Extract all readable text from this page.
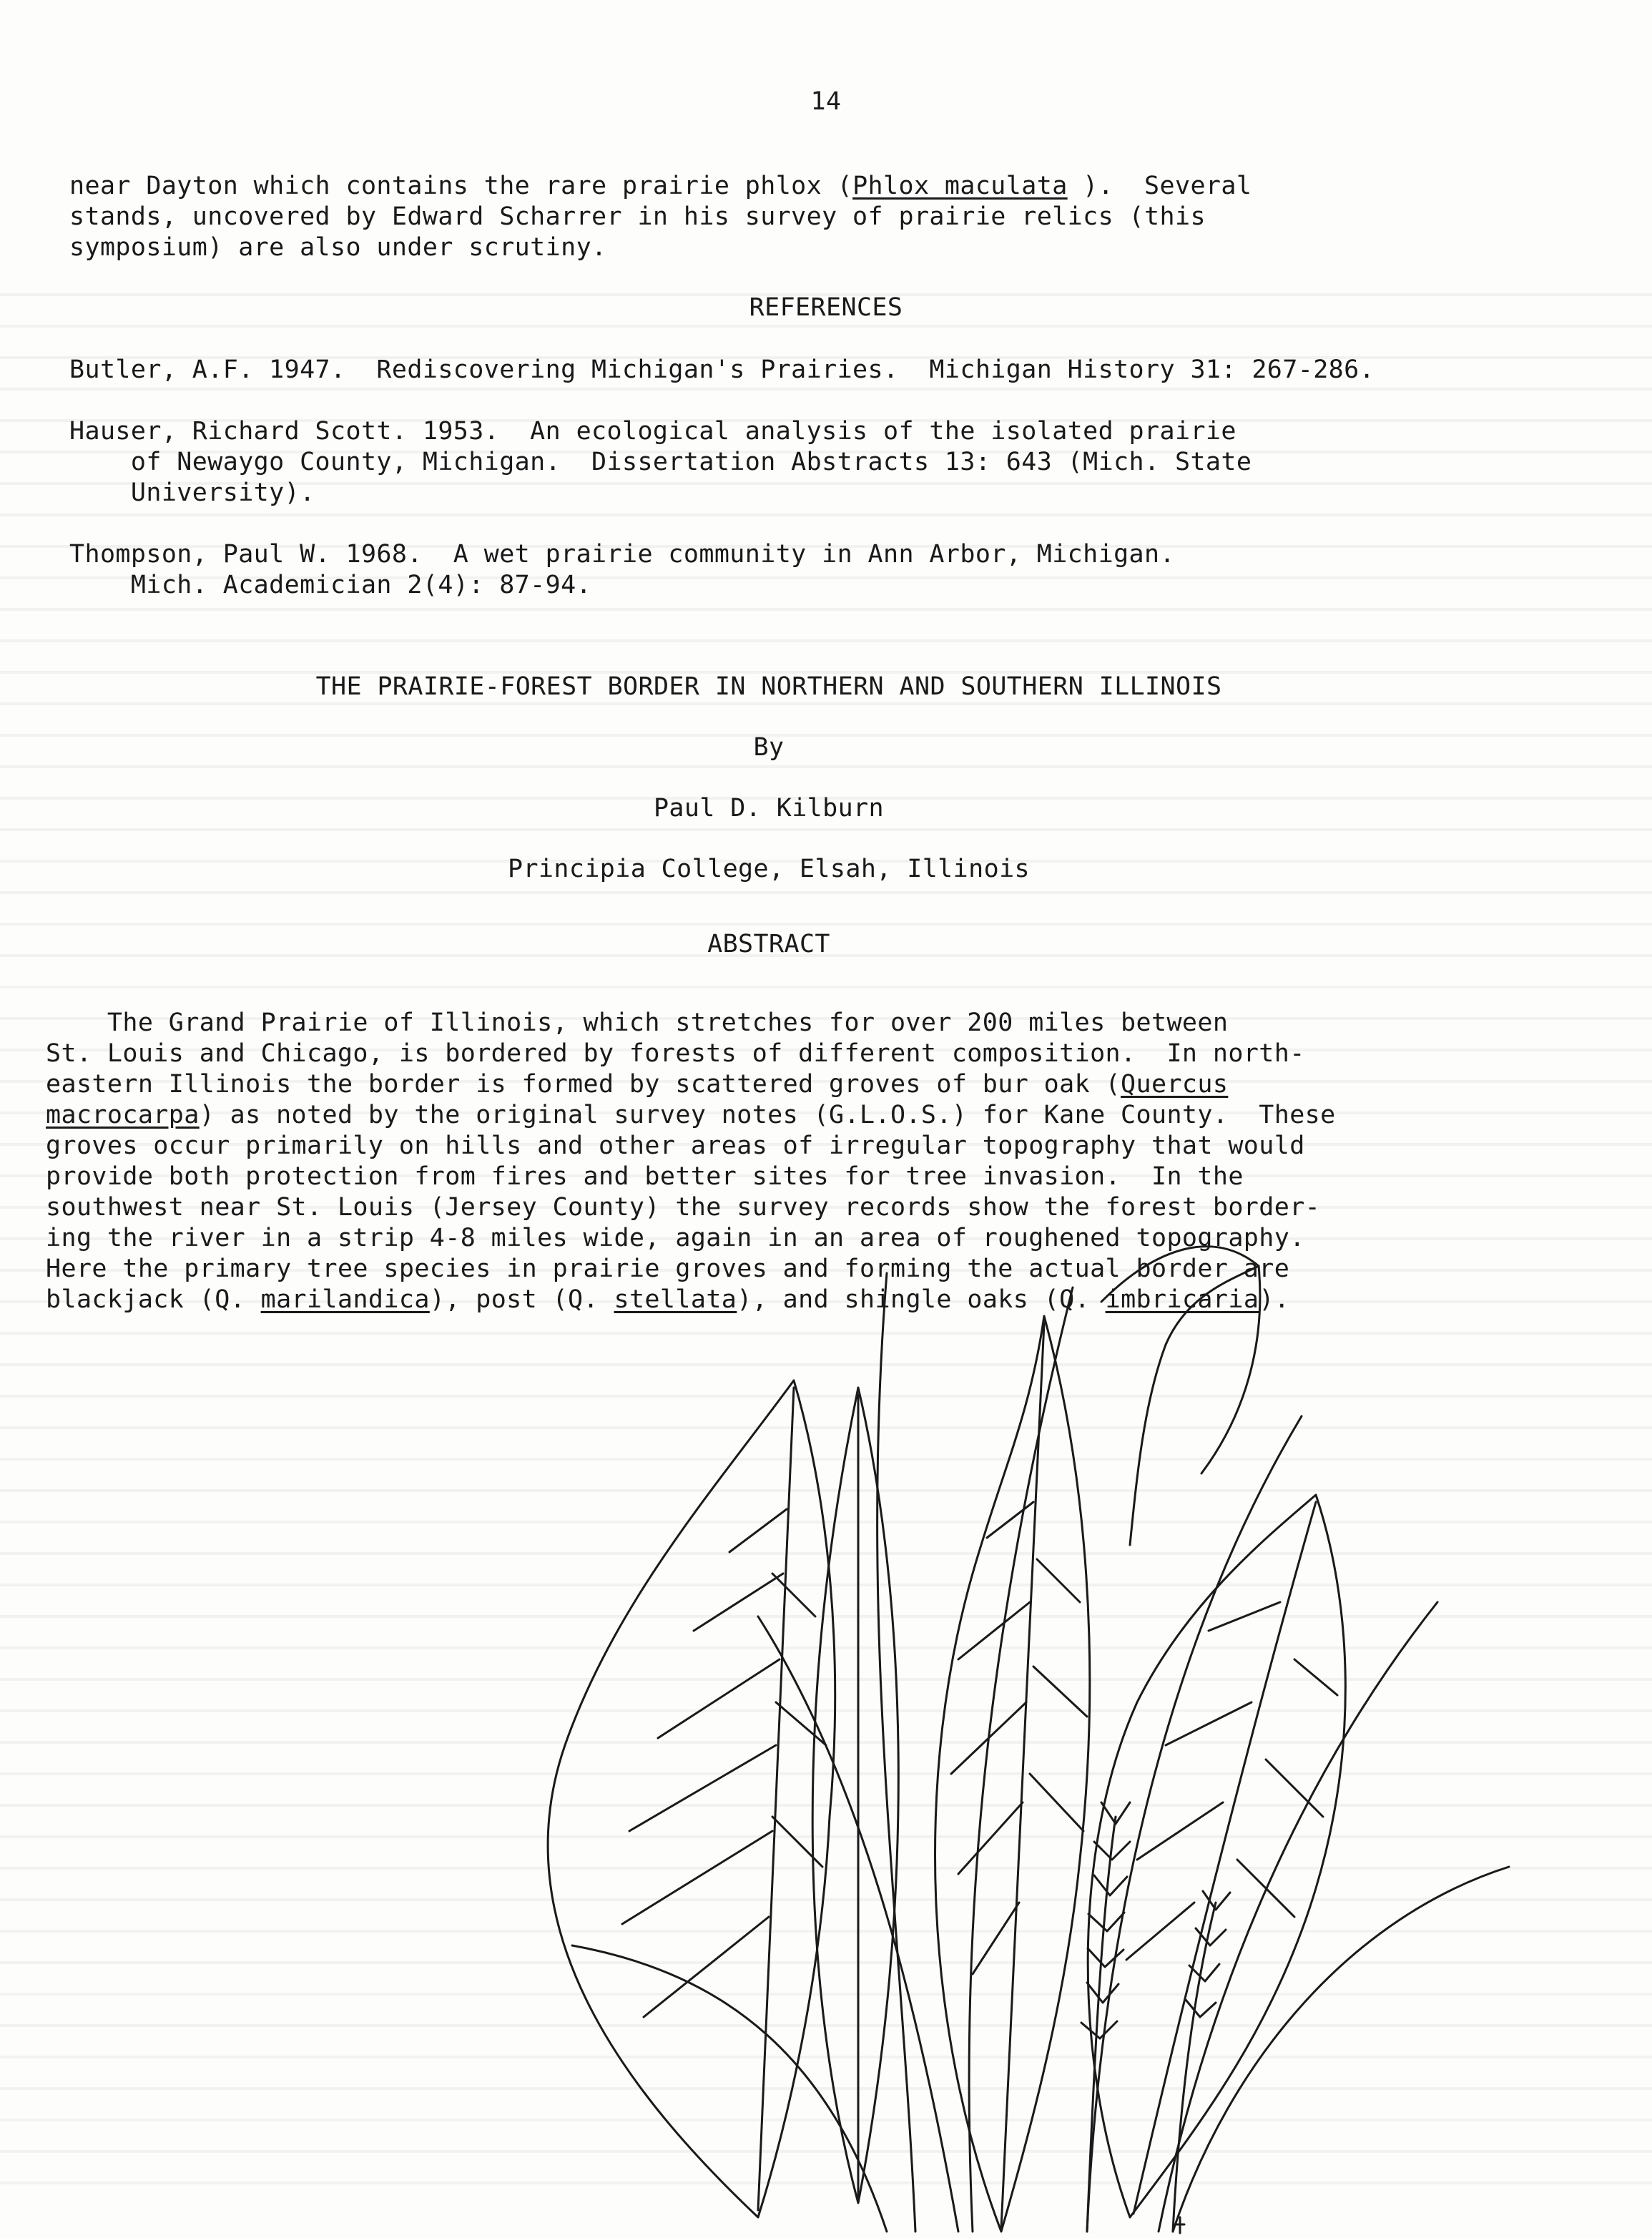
14
near Dayton which contains the rare prairie phlox (Phlox maculata ).  Several
stands, uncovered by Edward Scharrer in his survey of prairie relics (this
symposium) are also under scrutiny.
REFERENCES
Butler, A.F. 1947.  Rediscovering Michigan's Prairies.  Michigan History 31: 267-286.
Hauser, Richard Scott. 1953.  An ecological analysis of the isolated prairie
of Newaygo County, Michigan.  Dissertation Abstracts 13: 643 (Mich. State
University).
Thompson, Paul W. 1968.  A wet prairie community in Ann Arbor, Michigan.
Mich. Academician 2(4): 87-94.
THE PRAIRIE-FOREST BORDER IN NORTHERN AND SOUTHERN ILLINOIS
By
Paul D. Kilburn
Principia College, Elsah, Illinois
ABSTRACT
The Grand Prairie of Illinois, which stretches for over 200 miles between
St. Louis and Chicago, is bordered by forests of different composition.  In north-
eastern Illinois the border is formed by scattered groves of bur oak (Quercus
macrocarpa) as noted by the original survey notes (G.L.O.S.) for Kane County.  These
groves occur primarily on hills and other areas of irregular topography that would
provide both protection from fires and better sites for tree invasion.  In the
southwest near St. Louis (Jersey County) the survey records show the forest border-
ing the river in a strip 4-8 miles wide, again in an area of roughened topography.
Here the primary tree species in prairie groves and forming the actual border are
blackjack (Q. marilandica), post (Q. stellata), and shingle oaks (Q. imbricaria).
